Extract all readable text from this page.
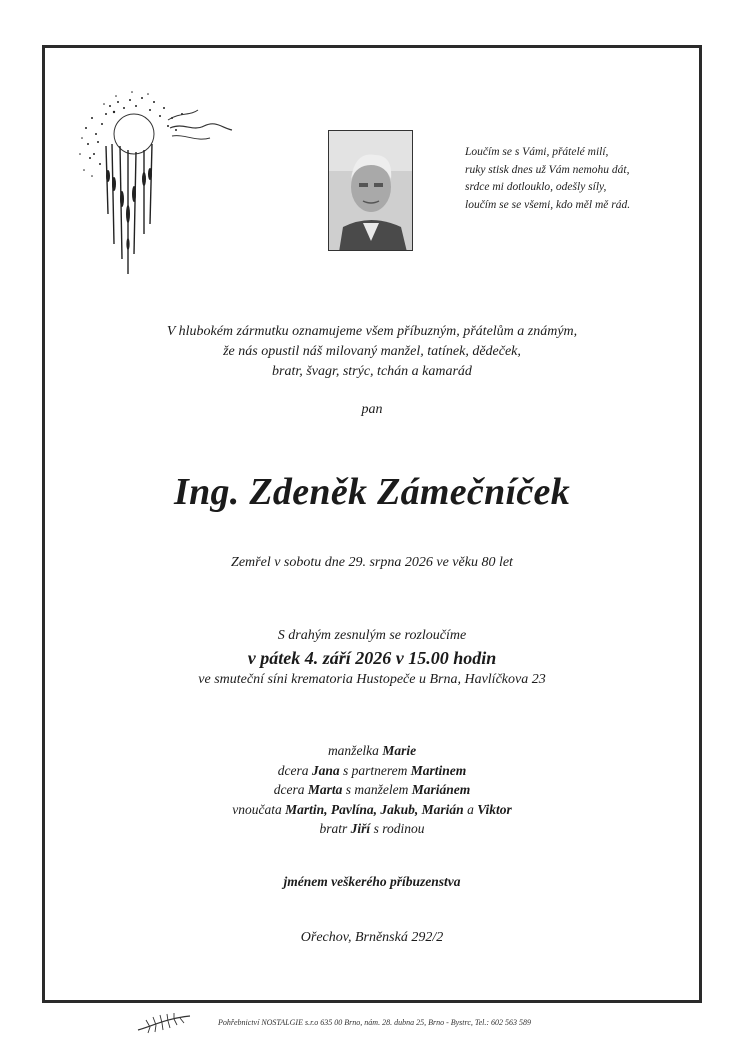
Loučím se s Vámi, přátelé milí,
ruky stisk dnes už Vám nemohu dát,
srdce mi dotlouklo, odešly síly,
loučím se se všemi, kdo měl mě rád.
V hlubokém zármutku oznamujeme všem příbuzným, přátelům a známým,
že nás opustil náš milovaný manžel, tatínek, dědeček,
bratr, švagr, strýc, tchán a kamarád
pan
Ing. Zdeněk Zámečníček
Zemřel v sobotu dne 29. srpna 2026 ve věku 80 let
S drahým zesnulým se rozloučíme
v pátek 4. září 2026 v 15.00 hodin
ve smuteční síni krematoria Hustopeče u Brna, Havlíčkova 23
manželka Marie
dcera Jana s partnerem Martinem
dcera Marta s manželem Mariánem
vnoučata Martin, Pavlína, Jakub, Marián a Viktor
bratr Jiří s rodinou
jménem veškerého příbuzenstva
Ořechov, Brněnská 292/2
Pohřebnictví NOSTALGIE s.r.o 635 00 Brno, nám. 28. dubna 25, Brno - Bystrc, Tel.: 602 563 589
